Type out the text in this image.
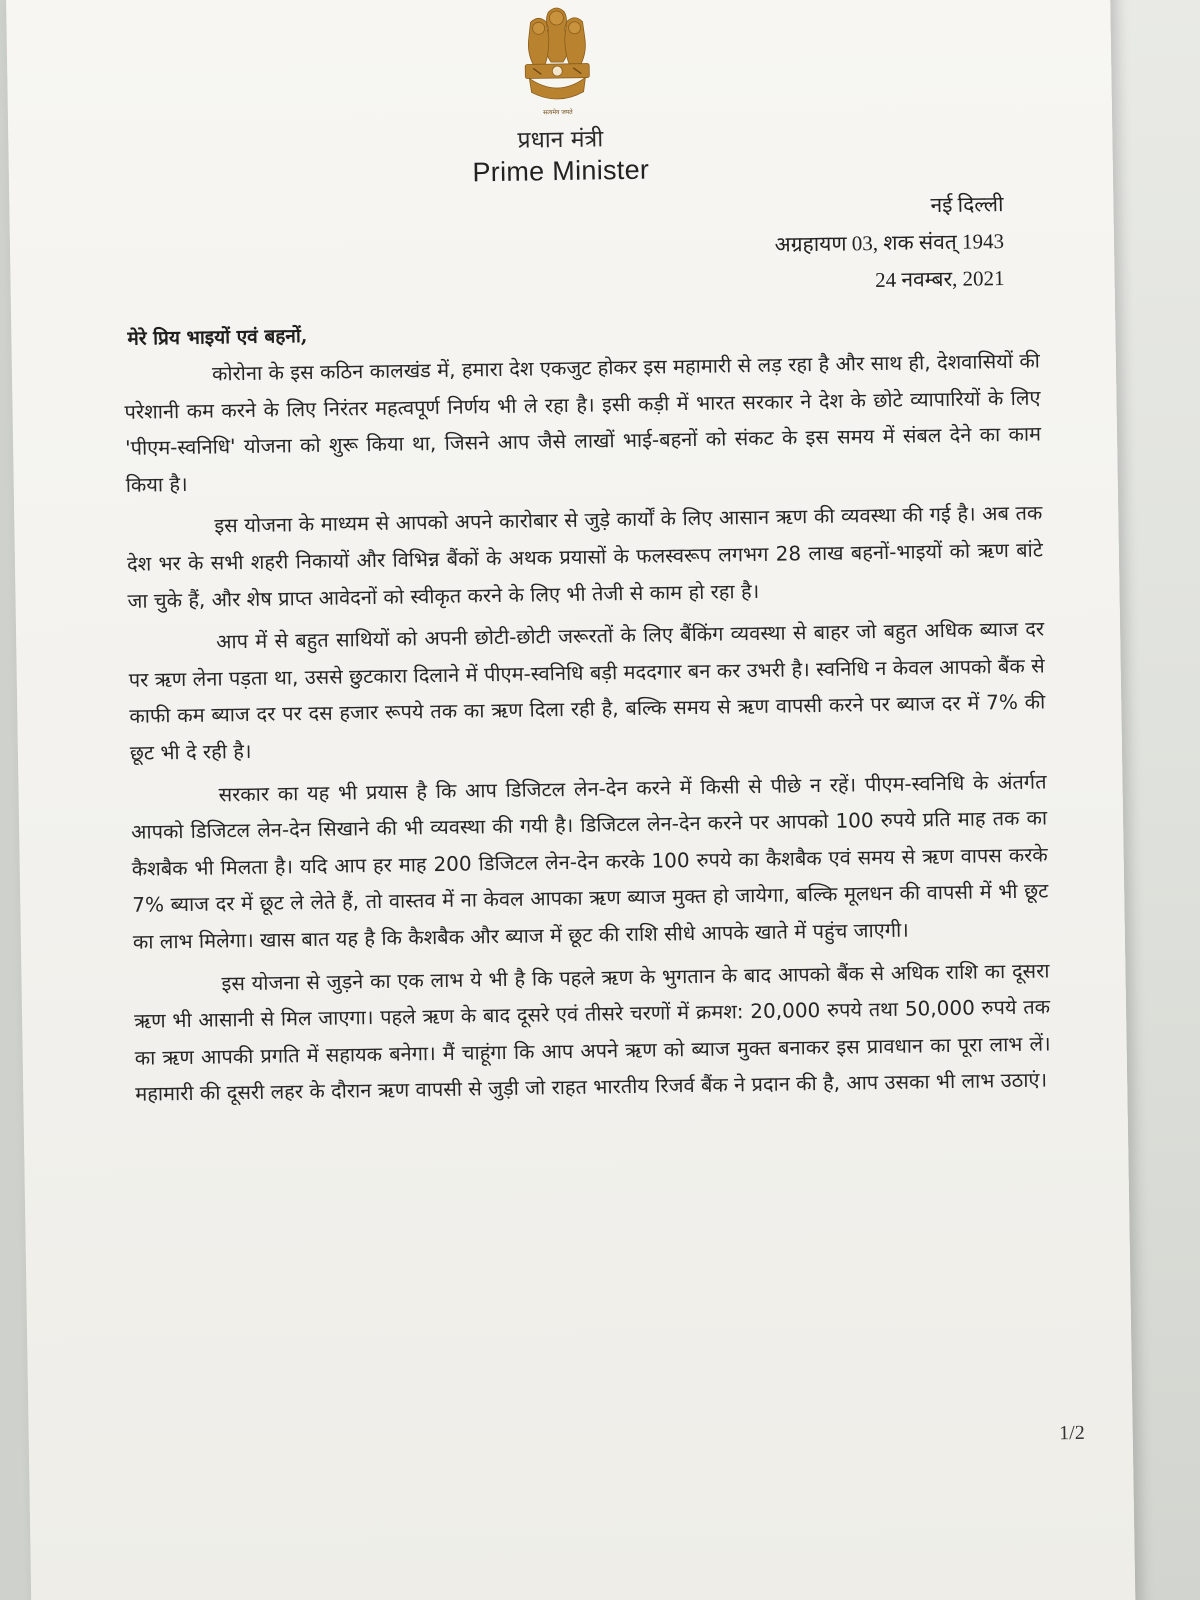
सत्यमेव जयते
प्रधान मंत्री
Prime Minister
नई दिल्ली
अग्रहायण 03, शक संवत् 1943
24 नवम्बर, 2021
मेरे प्रिय भाइयों एवं बहनों,

कोरोना के इस कठिन कालखंड में, हमारा देश एकजुट होकर इस महामारी से लड़ रहा है और साथ ही, देशवासियों की परेशानी कम करने के लिए निरंतर महत्वपूर्ण निर्णय भी ले रहा है। इसी कड़ी में भारत सरकार ने देश के छोटे व्यापारियों के लिए 'पीएम-स्वनिधि' योजना को शुरू किया था, जिसने आप जैसे लाखों भाई-बहनों को संकट के इस समय में संबल देने का काम किया है।

इस योजना के माध्यम से आपको अपने कारोबार से जुड़े कार्यों के लिए आसान ऋण की व्यवस्था की गई है। अब तक देश भर के सभी शहरी निकायों और विभिन्न बैंकों के अथक प्रयासों के फलस्वरूप लगभग 28 लाख बहनों-भाइयों को ऋण बांटे जा चुके हैं, और शेष प्राप्त आवेदनों को स्वीकृत करने के लिए भी तेजी से काम हो रहा है।

आप में से बहुत साथियों को अपनी छोटी-छोटी जरूरतों के लिए बैंकिंग व्यवस्था से बाहर जो बहुत अधिक ब्याज दर पर ऋण लेना पड़ता था, उससे छुटकारा दिलाने में पीएम-स्वनिधि बड़ी मददगार बन कर उभरी है। स्वनिधि न केवल आपको बैंक से काफी कम ब्याज दर पर दस हजार रूपये तक का ऋण दिला रही है, बल्कि समय से ऋण वापसी करने पर ब्याज दर में 7% की छूट भी दे रही है।

सरकार का यह भी प्रयास है कि आप डिजिटल लेन-देन करने में किसी से पीछे न रहें। पीएम-स्वनिधि के अंतर्गत आपको डिजिटल लेन-देन सिखाने की भी व्यवस्था की गयी है। डिजिटल लेन-देन करने पर आपको 100 रुपये प्रति माह तक का कैशबैक भी मिलता है। यदि आप हर माह 200 डिजिटल लेन-देन करके 100 रुपये का कैशबैक एवं समय से ऋण वापस करके 7% ब्याज दर में छूट ले लेते हैं, तो वास्तव में ना केवल आपका ऋण ब्याज मुक्त हो जायेगा, बल्कि मूलधन की वापसी में भी छूट का लाभ मिलेगा। खास बात यह है कि कैशबैक और ब्याज में छूट की राशि सीधे आपके खाते में पहुंच जाएगी।

इस योजना से जुड़ने का एक लाभ ये भी है कि पहले ऋण के भुगतान के बाद आपको बैंक से अधिक राशि का दूसरा ऋण भी आसानी से मिल जाएगा। पहले ऋण के बाद दूसरे एवं तीसरे चरणों में क्रमश: 20,000 रुपये तथा 50,000 रुपये तक का ऋण आपकी प्रगति में सहायक बनेगा। मैं चाहूंगा कि आप अपने ऋण को ब्याज मुक्त बनाकर इस प्रावधान का पूरा लाभ लें। महामारी की दूसरी लहर के दौरान ऋण वापसी से जुड़ी जो राहत भारतीय रिजर्व बैंक ने प्रदान की है, आप उसका भी लाभ उठाएं।

1/2
